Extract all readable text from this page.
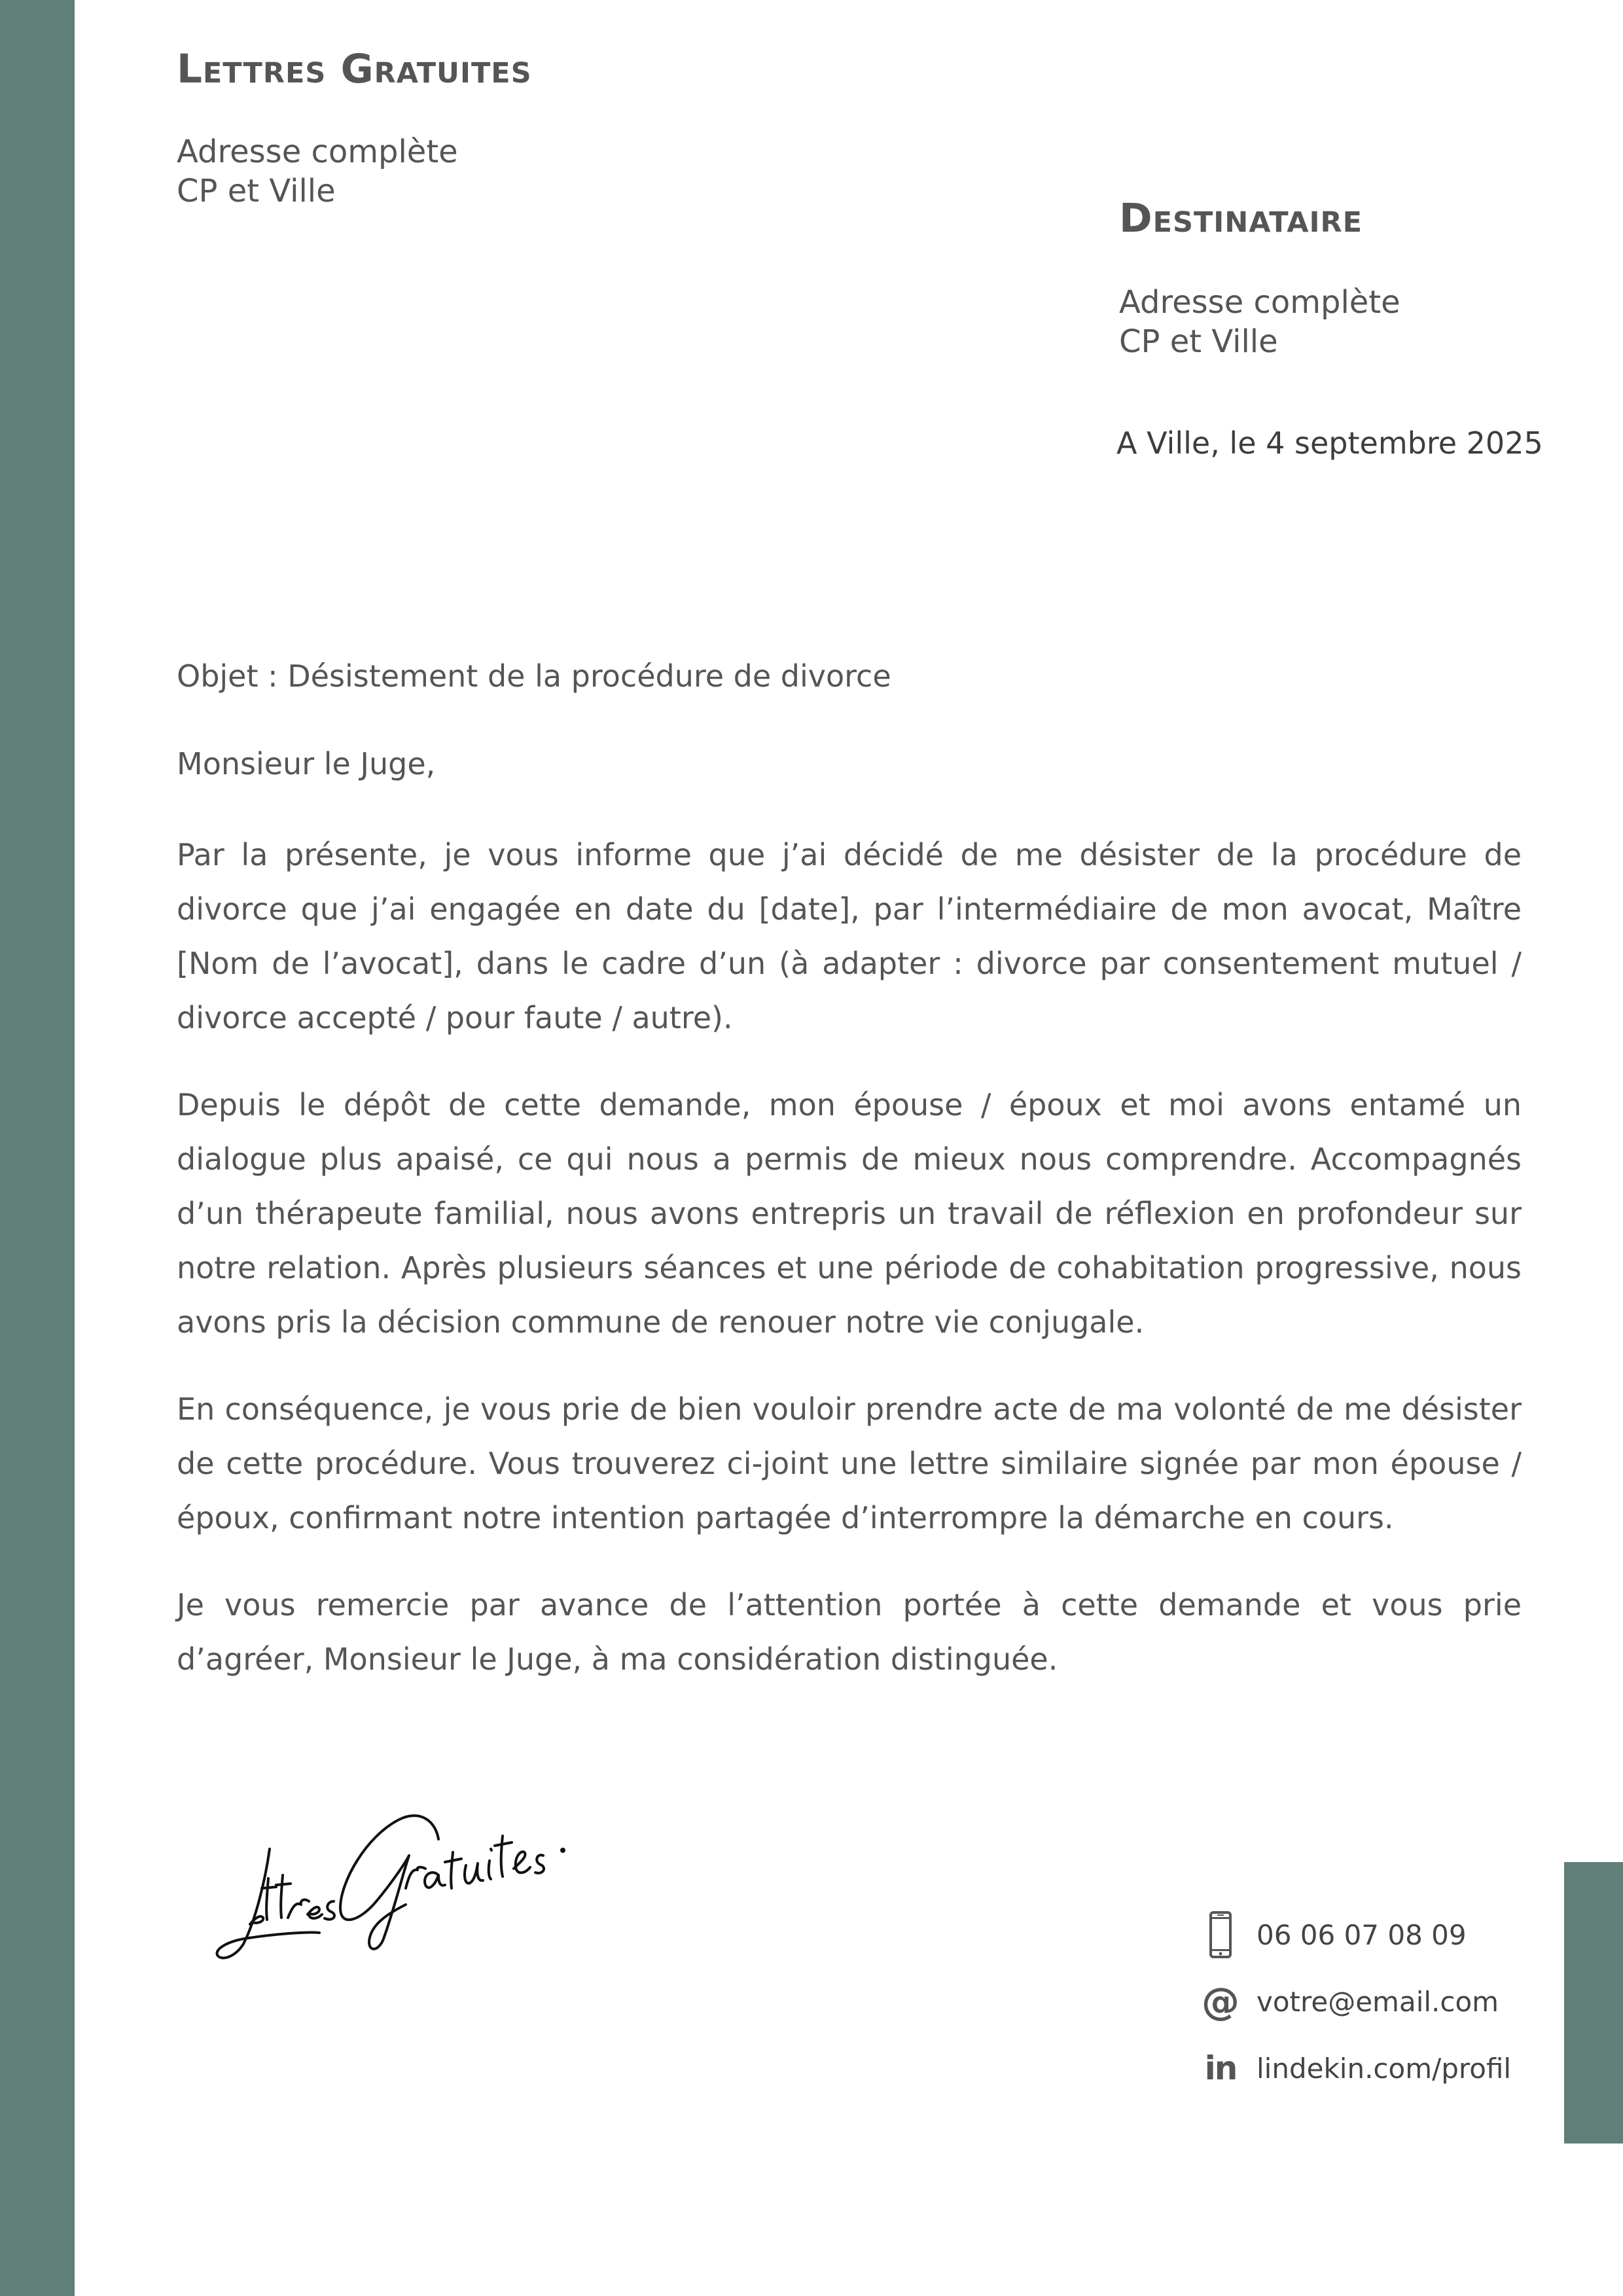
Lettres Gratuites
Adresse complète
CP et Ville
Destinataire
Adresse complète
CP et Ville
A Ville, le 4 septembre 2025
Objet : Désistement de la procédure de divorce
Monsieur le Juge,

Par la présente, je vous informe que j’ai décidé de me désister de la procédure de divorce que j’ai engagée en date du [date], par l’intermédiaire de mon avocat, Maître [Nom de l’avocat], dans le cadre d’un (à adapter : divorce par consentement mutuel / divorce accepté / pour faute / autre).

Depuis le dépôt de cette demande, mon épouse / époux et moi avons entamé un dialogue plus apaisé, ce qui nous a permis de mieux nous comprendre. Accompagnés d’un thérapeute familial, nous avons entrepris un travail de réflexion en profondeur sur notre relation. Après plusieurs séances et une période de cohabitation progressive, nous avons pris la décision commune de renouer notre vie conjugale.

En conséquence, je vous prie de bien vouloir prendre acte de ma volonté de me désister de cette procédure. Vous trouverez ci-joint une lettre similaire signée par mon épouse / époux, confirmant notre intention partagée d’interrompre la démarche en cours.

Je vous remercie par avance de l’attention portée à cette demande et vous prie d’agréer, Monsieur le Juge, à ma considération distinguée.

06 06 07 08 09
@ votre@email.com
in lindekin.com/profil
